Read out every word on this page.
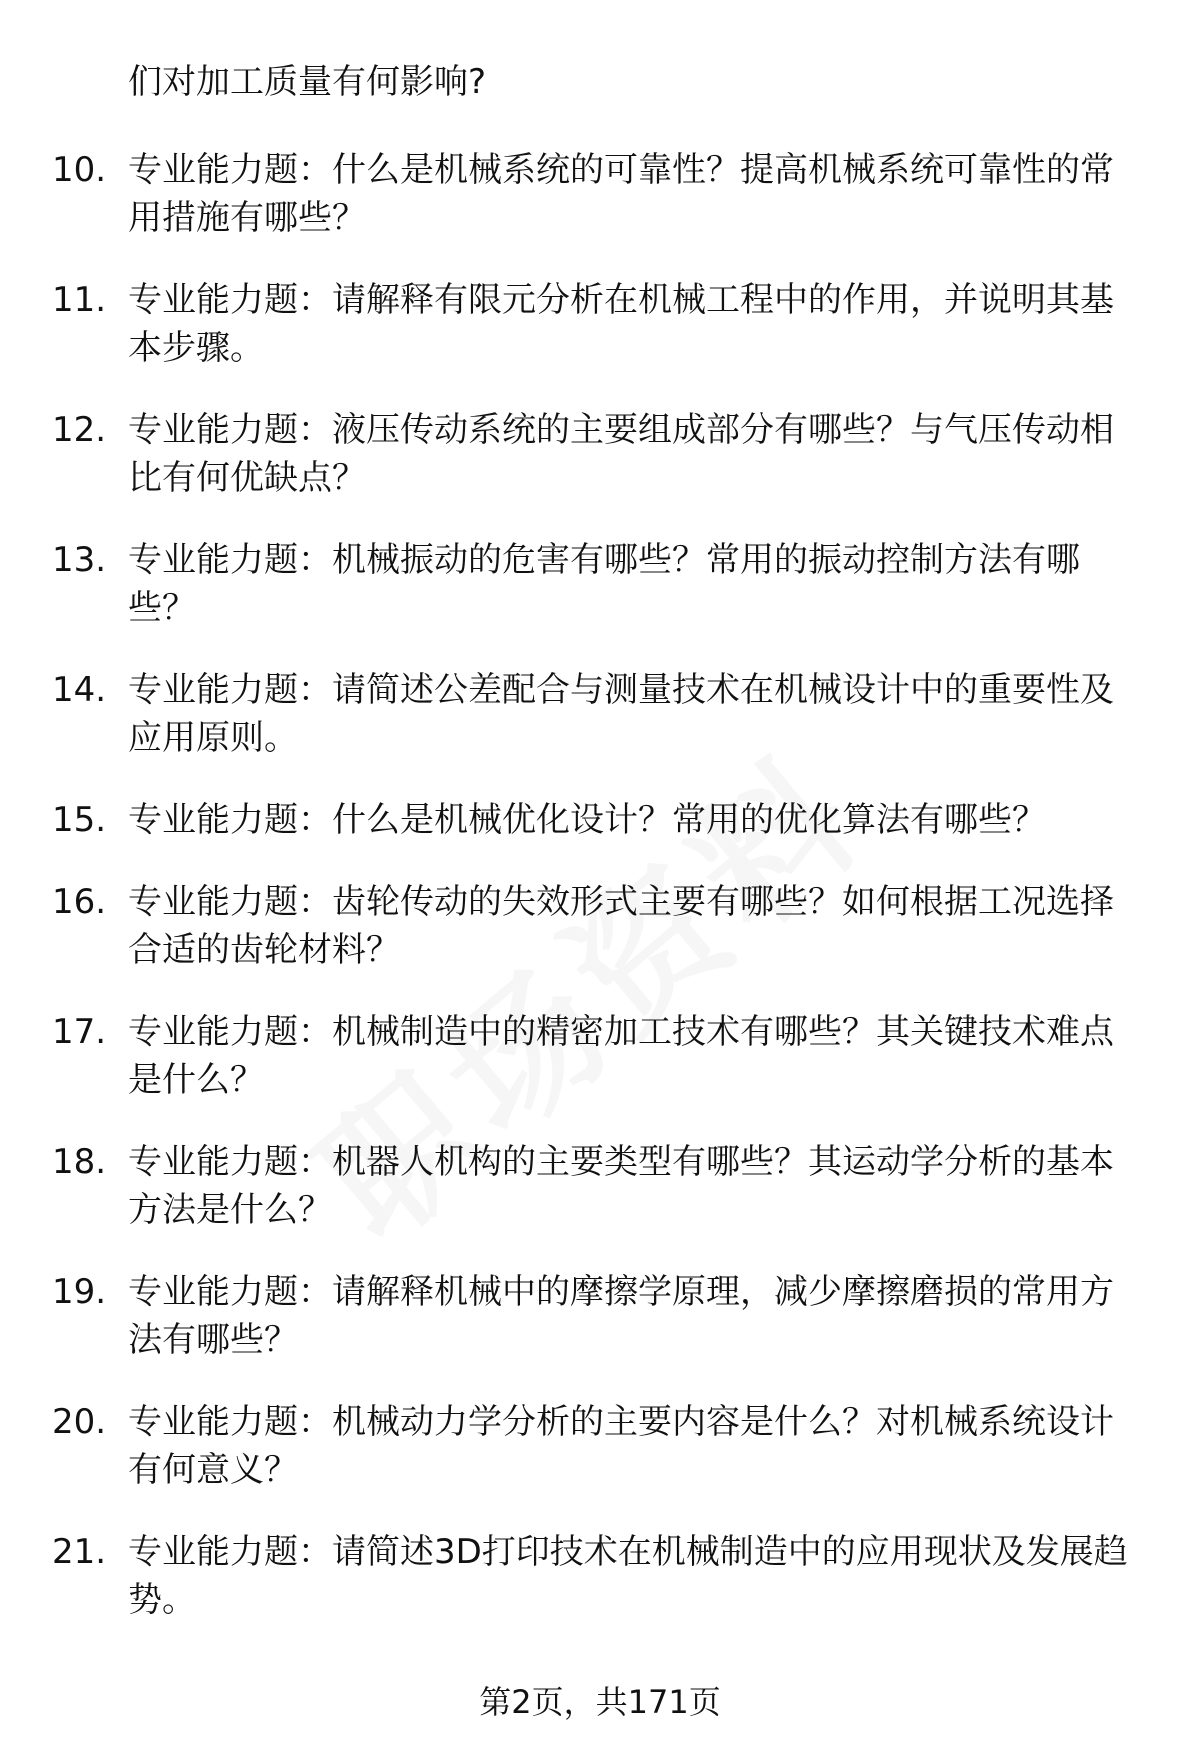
们对加工质量有何影响?
10. 专业能力题：什么是机械系统的可靠性？提高机械系统可靠性的常用措施有哪些？
11. 专业能力题：请解释有限元分析在机械工程中的作用，并说明其基本步骤。
12. 专业能力题：液压传动系统的主要组成部分有哪些？与气压传动相比有何优缺点？
13. 专业能力题：机械振动的危害有哪些？常用的振动控制方法有哪些？
14. 专业能力题：请简述公差配合与测量技术在机械设计中的重要性及应用原则。
15. 专业能力题：什么是机械优化设计？常用的优化算法有哪些？
16. 专业能力题：齿轮传动的失效形式主要有哪些？如何根据工况选择合适的齿轮材料？
17. 专业能力题：机械制造中的精密加工技术有哪些？其关键技术难点是什么？
18. 专业能力题：机器人机构的主要类型有哪些？其运动学分析的基本方法是什么？
19. 专业能力题：请解释机械中的摩擦学原理，减少摩擦磨损的常用方法有哪些？
20. 专业能力题：机械动力学分析的主要内容是什么？对机械系统设计有何意义？
21. 专业能力题：请简述3D打印技术在机械制造中的应用现状及发展趋势。
第2页，共171页
